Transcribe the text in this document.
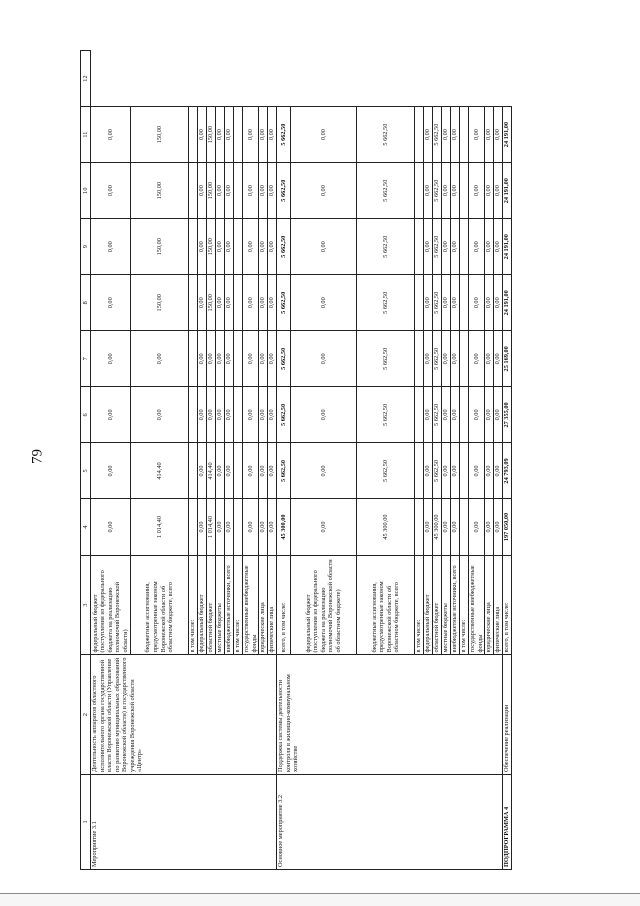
79
1	2	3	4	5	6	7	8	9	10	11	12
Мероприятие 3.1	Деятельность аппаратов областного исполнительного органа государственной власти Воронежской области (Управление по развитию муниципальных образований Воронежской области) и государственного учреждения Воронежской области «Центр»	федеральный бюджет (поступления из федерального бюджета на реализацию полномочий Воронежской области)	0,00	0,00	0,00	0,00	0,00	0,00	0,00	0,00	
		бюджетные ассигнования, предусмотренные законом Воронежской области об областном бюджете, всего	1 014,40	414,40	0,00	0,00	150,00	150,00	150,00	150,00	
		в том числе:									
		федеральный бюджет	0,00	0,00	0,00	0,00	0,00	0,00	0,00	0,00	
		областной бюджет	1 014,40	414,40	0,00	0,00	150,00	150,00	150,00	150,00	
		местные бюджеты	0,00	0,00	0,00	0,00	0,00	0,00	0,00	0,00	
		внебюджетные источники, всего	0,00	0,00	0,00	0,00	0,00	0,00	0,00	0,00	
		в том числе:									
		государственные внебюджетные фонды	0,00	0,00	0,00	0,00	0,00	0,00	0,00	0,00	
		юридические лица	0,00	0,00	0,00	0,00	0,00	0,00	0,00	0,00	
		физические лица	0,00	0,00	0,00	0,00	0,00	0,00	0,00	0,00	
Основное мероприятие 3.2	Поддержка системы деятельности контроля в жилищно-коммунальном хозяйстве	всего, в том числе:	45 300,00	5 662,50	5 662,50	5 662,50	5 662,50	5 662,50	5 662,50	5 662,50	
		федеральный бюджет (поступления из федерального бюджета на реализацию полномочий Воронежской области об областном бюджете)	0,00	0,00	0,00	0,00	0,00	0,00	0,00	0,00	
		бюджетные ассигнования, предусмотренные законом Воронежской области об областном бюджете, всего	45 300,00	5 662,50	5 662,50	5 662,50	5 662,50	5 662,50	5 662,50	5 662,50	
		в том числе:									
		федеральный бюджет	0,00	0,00	0,00	0,00	0,00	0,00	0,00	0,00	
		областной бюджет	45 300,00	5 662,50	5 662,50	5 662,50	5 662,50	5 662,50	5 662,50	5 662,50	
		местные бюджеты	0,00	0,00	0,00	0,00	0,00	0,00	0,00	0,00	
		внебюджетные источники, всего	0,00	0,00	0,00	0,00	0,00	0,00	0,00	0,00	
		в том числе:									
		государственные внебюджетные фонды	0,00	0,00	0,00	0,00	0,00	0,00	0,00	0,00	
		юридические лица	0,00	0,00	0,00	0,00	0,00	0,00	0,00	0,00	
		физические лица	0,00	0,00	0,00	0,00	0,00	0,00	0,00	0,00	
ПОДПРОГРАММА 4	Обеспечение реализации	всего, в том числе:	197 050,00	24 793,09	27 355,00	25 169,00	24 191,00	24 191,00	24 191,00	24 191,00	
